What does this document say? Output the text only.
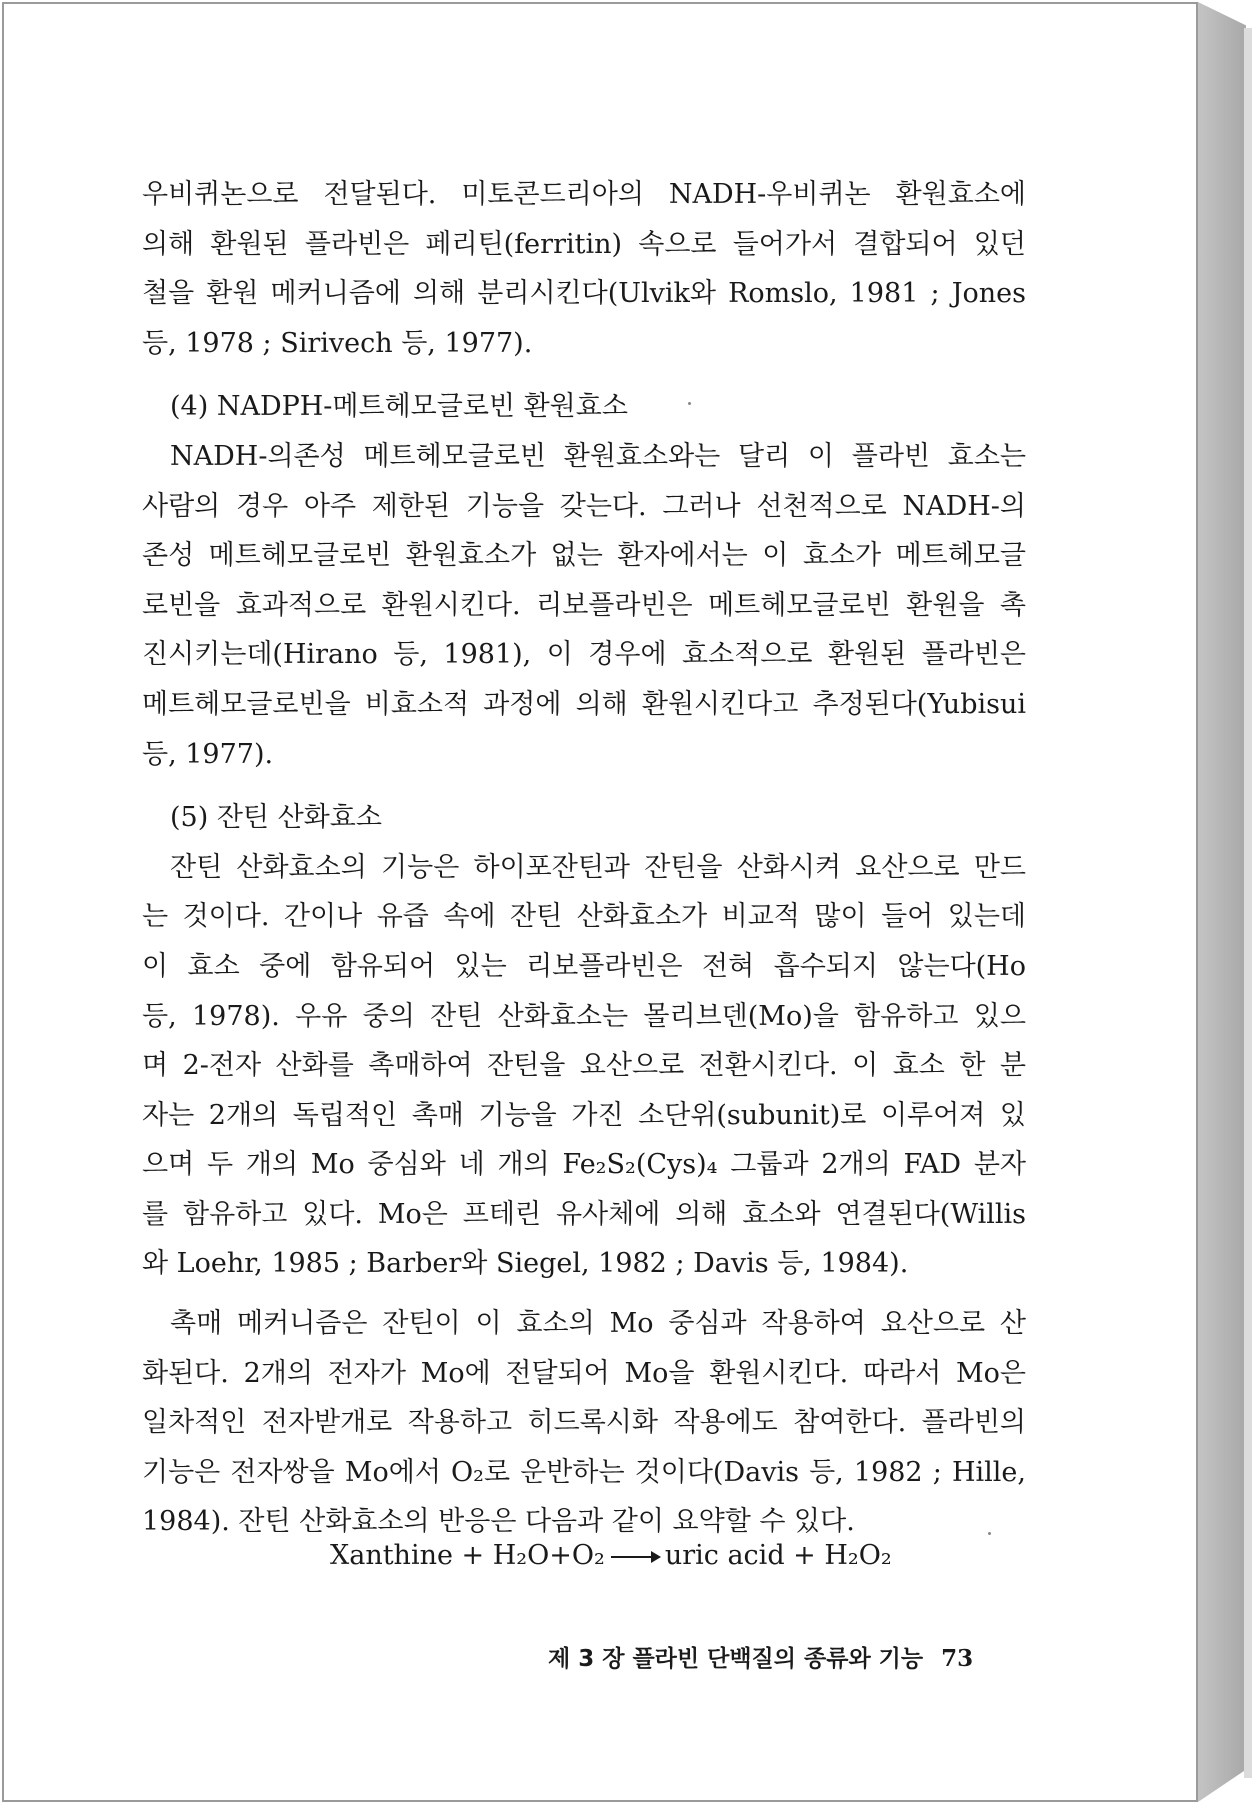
우비퀴논으로 전달된다. 미토콘드리아의 NADH-우비퀴논 환원효소에
의해 환원된 플라빈은 페리틴(ferritin) 속으로 들어가서 결합되어 있던
철을 환원 메커니즘에 의해 분리시킨다(Ulvik와 Romslo, 1981 ; Jones
등, 1978 ; Sirivech 등, 1977).

(4) NADPH-메트헤모글로빈 환원효소

NADH-의존성 메트헤모글로빈 환원효소와는 달리 이 플라빈 효소는
사람의 경우 아주 제한된 기능을 갖는다. 그러나 선천적으로 NADH-의
존성 메트헤모글로빈 환원효소가 없는 환자에서는 이 효소가 메트헤모글
로빈을 효과적으로 환원시킨다. 리보플라빈은 메트헤모글로빈 환원을 촉
진시키는데(Hirano 등, 1981), 이 경우에 효소적으로 환원된 플라빈은
메트헤모글로빈을 비효소적 과정에 의해 환원시킨다고 추정된다(Yubisui
등, 1977).

(5) 잔틴 산화효소

잔틴 산화효소의 기능은 하이포잔틴과 잔틴을 산화시켜 요산으로 만드
는 것이다. 간이나 유즙 속에 잔틴 산화효소가 비교적 많이 들어 있는데
이 효소 중에 함유되어 있는 리보플라빈은 전혀 흡수되지 않는다(Ho
등, 1978). 우유 중의 잔틴 산화효소는 몰리브덴(Mo)을 함유하고 있으
며 2-전자 산화를 촉매하여 잔틴을 요산으로 전환시킨다. 이 효소 한 분
자는 2개의 독립적인 촉매 기능을 가진 소단위(subunit)로 이루어져 있
으며 두 개의 Mo 중심와 네 개의 Fe₂S₂(Cys)₄ 그룹과 2개의 FAD 분자
를 함유하고 있다. Mo은 프테린 유사체에 의해 효소와 연결된다(Willis
와 Loehr, 1985 ; Barber와 Siegel, 1982 ; Davis 등, 1984).

촉매 메커니즘은 잔틴이 이 효소의 Mo 중심과 작용하여 요산으로 산
화된다. 2개의 전자가 Mo에 전달되어 Mo을 환원시킨다. 따라서 Mo은
일차적인 전자받개로 작용하고 히드록시화 작용에도 참여한다. 플라빈의
기능은 전자쌍을 Mo에서 O₂로 운반하는 것이다(Davis 등, 1982 ; Hille,
1984). 잔틴 산화효소의 반응은 다음과 같이 요약할 수 있다.

Xanthine + H₂O+O₂ → uric acid + H₂O₂
제 3 장 플라빈 단백질의 종류와 기능 73
